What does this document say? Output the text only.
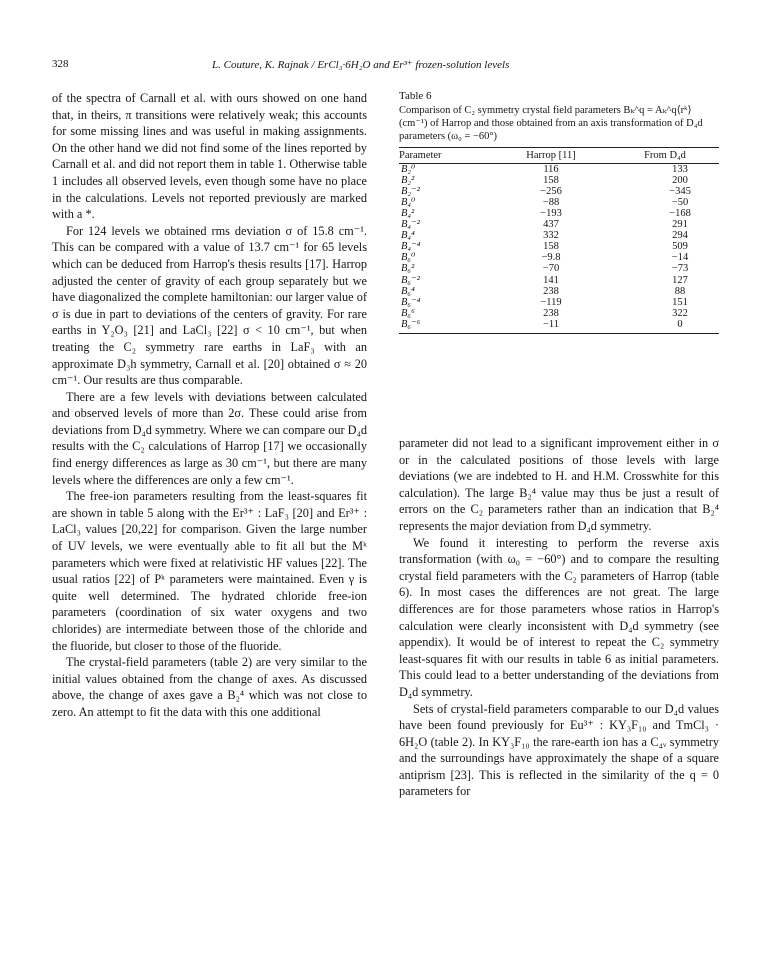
328	L. Couture, K. Rajnak / ErCl₃·6H₂O and Er³⁺ frozen-solution levels

of the spectra of Carnall et al. with ours showed on one hand that, in theirs, π transitions were relatively weak; this accounts for some missing lines and was useful in making assignments. On the other hand we did not find some of the lines reported by Carnall et al. and did not report them in table 1. Otherwise table 1 includes all observed levels, even though some have no place in the calculations. Levels not reported previously are marked with a *.

For 124 levels we obtained rms deviation σ of 15.8 cm⁻¹. This can be compared with a value of 13.7 cm⁻¹ for 65 levels which can be deduced from Harrop's thesis results [17]. Harrop adjusted the center of gravity of each group separately but we have diagonalized the complete hamiltonian: our larger value of σ is due in part to deviations of the centers of gravity. For rare earths in Y₂O₃ [21] and LaCl₃ [22] σ < 10 cm⁻¹, but when treating the C₂ symmetry rare earths in LaF₃ with an approximate D₃h symmetry, Carnall et al. [20] obtained σ ≈ 20 cm⁻¹. Our results are thus comparable.

There are a few levels with deviations between calculated and observed levels of more than 2σ. These could arise from deviations from D₄d symmetry. Where we can compare our D₄d results with the C₂ calculations of Harrop [17] we occasionally find energy differences as large as 30 cm⁻¹, but there are many levels where the differences are only a few cm⁻¹.

The free-ion parameters resulting from the least-squares fit are shown in table 5 along with the Er³⁺ : LaF₃ [20] and Er³⁺ : LaCl₃ values [20,22] for comparison. Given the large number of UV levels, we were eventually able to fit all but the Mᵏ parameters which were fixed at relativistic HF values [22]. The usual ratios [22] of Pᵏ parameters were maintained. Even γ is quite well determined. The hydrated chloride free-ion parameters (coordination of six water oxygens and two chlorides) are intermediate between those of the chloride and the fluoride, but closer to those of the fluoride.

The crystal-field parameters (table 2) are very similar to the initial values obtained from the change of axes. As discussed above, the change of axes gave a B₂⁴ which was not close to zero. An attempt to fit the data with this one additional

Table 6
Comparison of C₂ symmetry crystal field parameters Bₖ^q = Aₖ^q⟨rᵏ⟩ (cm⁻¹) of Harrop and those obtained from an axis transformation of D₄d parameters (ω₀ = −60°)
Parameter	Harrop [11]	From D₄d
B₂⁰	116	133
B₂²	158	200
B₂⁻²	−256	−345
B₄⁰	−88	−50
B₄²	−193	−168
B₄⁻²	437	291
B₄⁴	332	294
B₄⁻⁴	158	509
B₆⁰	−9.8	−14
B₆²	−70	−73
B₆⁻²	141	127
B₆⁴	238	88
B₆⁻⁴	−119	151
B₆⁶	238	322
B₆⁻⁶	−11	0

parameter did not lead to a significant improvement either in σ or in the calculated positions of those levels with large deviations (we are indebted to H. and H.M. Crosswhite for this calculation). The large B₂⁴ value may thus be just a result of errors on the C₂ parameters rather than an indication that B₂⁴ represents the major deviation from D₄d symmetry.

We found it interesting to perform the reverse axis transformation (with ω₀ = −60°) and to compare the resulting crystal field parameters with the C₂ parameters of Harrop (table 6). In most cases the differences are not great. The large differences are for those parameters whose ratios in Harrop's calculation were clearly inconsistent with D₄d symmetry (see appendix). It would be of interest to repeat the C₂ symmetry least-squares fit with our results in table 6 as initial parameters. This could lead to a better understanding of the deviations from D₄d symmetry.

Sets of crystal-field parameters comparable to our D₄d values have been found previously for Eu³⁺ : KY₃F₁₀ and TmCl₃ · 6H₂O (table 2). In KY₃F₁₀ the rare-earth ion has a C₄ᵥ symmetry and the surroundings have approximately the shape of a square antiprism [23]. This is reflected in the similarity of the q = 0 parameters for
